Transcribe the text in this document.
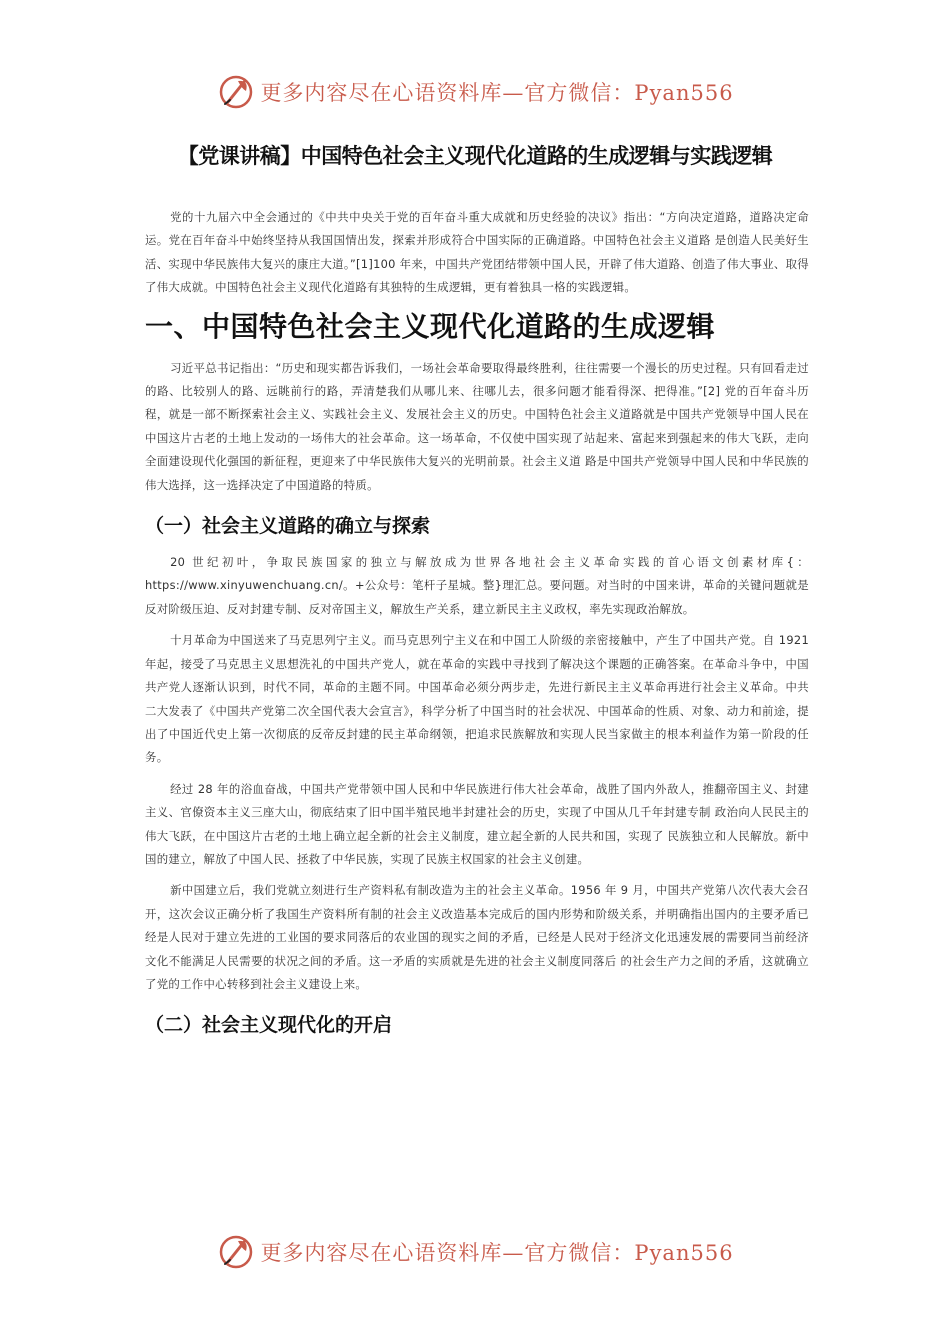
更多内容尽在心语资料库—官方微信：Pyan556
【党课讲稿】中国特色社会主义现代化道路的生成逻辑与实践逻辑

党的十九届六中全会通过的《中共中央关于党的百年奋斗重大成就和历史经验的决议》指出：“方向决定道路，道路决定命运。党在百年奋斗中始终坚持从我国国情出发，探索并形成符合中国实际的正确道路。中国特色社会主义道路 是创造人民美好生活、实现中华民族伟大复兴的康庄大道。”[1]100 年来，中国共产党团结带领中国人民，开辟了伟大道路、创造了伟大事业、取得了伟大成就。中国特色社会主义现代化道路有其独特的生成逻辑，更有着独具一格的实践逻辑。

一、中国特色社会主义现代化道路的生成逻辑

习近平总书记指出：“历史和现实都告诉我们，一场社会革命要取得最终胜利，往往需要一个漫长的历史过程。只有回看走过的路、比较别人的路、远眺前行的路，弄清楚我们从哪儿来、往哪儿去，很多问题才能看得深、把得准。”[2] 党的百年奋斗历程，就是一部不断探索社会主义、实践社会主义、发展社会主义的历史。中国特色社会主义道路就是中国共产党领导中国人民在中国这片古老的土地上发动的一场伟大的社会革命。这一场革命，不仅使中国实现了站起来、富起来到强起来的伟大飞跃，走向全面建设现代化强国的新征程，更迎来了中华民族伟大复兴的光明前景。社会主义道 路是中国共产党领导中国人民和中华民族的伟大选择，这一选择决定了中国道路的特质。

（一）社会主义道路的确立与探索

20 世纪初叶，争取民族国家的独立与解放成为世界各地社会主义革命实践的首心语文创素材库{：https://www.xinyuwenchuang.cn/。+公众号：笔杆子星城。整}理汇总。要问题。对当时的中国来讲，革命的关键问题就是反对阶级压迫、反对封建专制、反对帝国主义，解放生产关系，建立新民主主义政权，率先实现政治解放。

十月革命为中国送来了马克思列宁主义。而马克思列宁主义在和中国工人阶级的亲密接触中，产生了中国共产党。自 1921 年起，接受了马克思主义思想洗礼的中国共产党人，就在革命的实践中寻找到了解决这个课题的正确答案。在革命斗争中，中国共产党人逐渐认识到，时代不同，革命的主题不同。中国革命必须分两步走，先进行新民主主义革命再进行社会主义革命。中共二大发表了《中国共产党第二次全国代表大会宣言》，科学分析了中国当时的社会状况、中国革命的性质、对象、动力和前途，提出了中国近代史上第一次彻底的反帝反封建的民主革命纲领，把追求民族解放和实现人民当家做主的根本利益作为第一阶段的任务。

经过 28 年的浴血奋战，中国共产党带领中国人民和中华民族进行伟大社会革命，战胜了国内外敌人，推翻帝国主义、封建主义、官僚资本主义三座大山，彻底结束了旧中国半殖民地半封建社会的历史，实现了中国从几千年封建专制 政治向人民民主的伟大飞跃，在中国这片古老的土地上确立起全新的社会主义制度，建立起全新的人民共和国，实现了 民族独立和人民解放。新中国的建立，解放了中国人民、拯救了中华民族，实现了民族主权国家的社会主义创建。

新中国建立后，我们党就立刻进行生产资料私有制改造为主的社会主义革命。1956 年 9 月，中国共产党第八次代表大会召开，这次会议正确分析了我国生产资料所有制的社会主义改造基本完成后的国内形势和阶级关系，并明确指出国内的主要矛盾已经是人民对于建立先进的工业国的要求同落后的农业国的现实之间的矛盾，已经是人民对于经济文化迅速发展的需要同当前经济文化不能满足人民需要的状况之间的矛盾。这一矛盾的实质就是先进的社会主义制度同落后 的社会生产力之间的矛盾，这就确立了党的工作中心转移到社会主义建设上来。

（二）社会主义现代化的开启
更多内容尽在心语资料库—官方微信：Pyan556
